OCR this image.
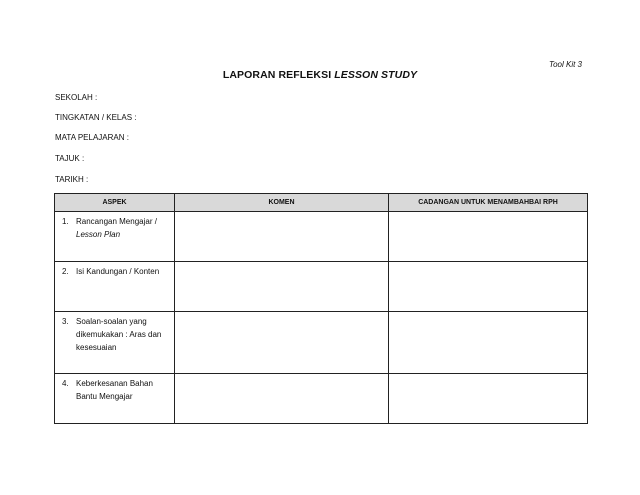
Tool Kit 3
LAPORAN REFLEKSI LESSON STUDY
SEKOLAH :
TINGKATAN / KELAS :
MATA PELAJARAN :
TAJUK :
TARIKH :
ASPEK	KOMEN	CADANGAN UNTUK MENAMBAHBAI RPH

1. Rancangan Mengajar /
Lesson Plan		

2. Isi Kandungan / Konten		

3. Soalan-soalan yang
dikemukakan : Aras dan
kesesuaian		

4. Keberkesanan Bahan
Bantu Mengajar		
